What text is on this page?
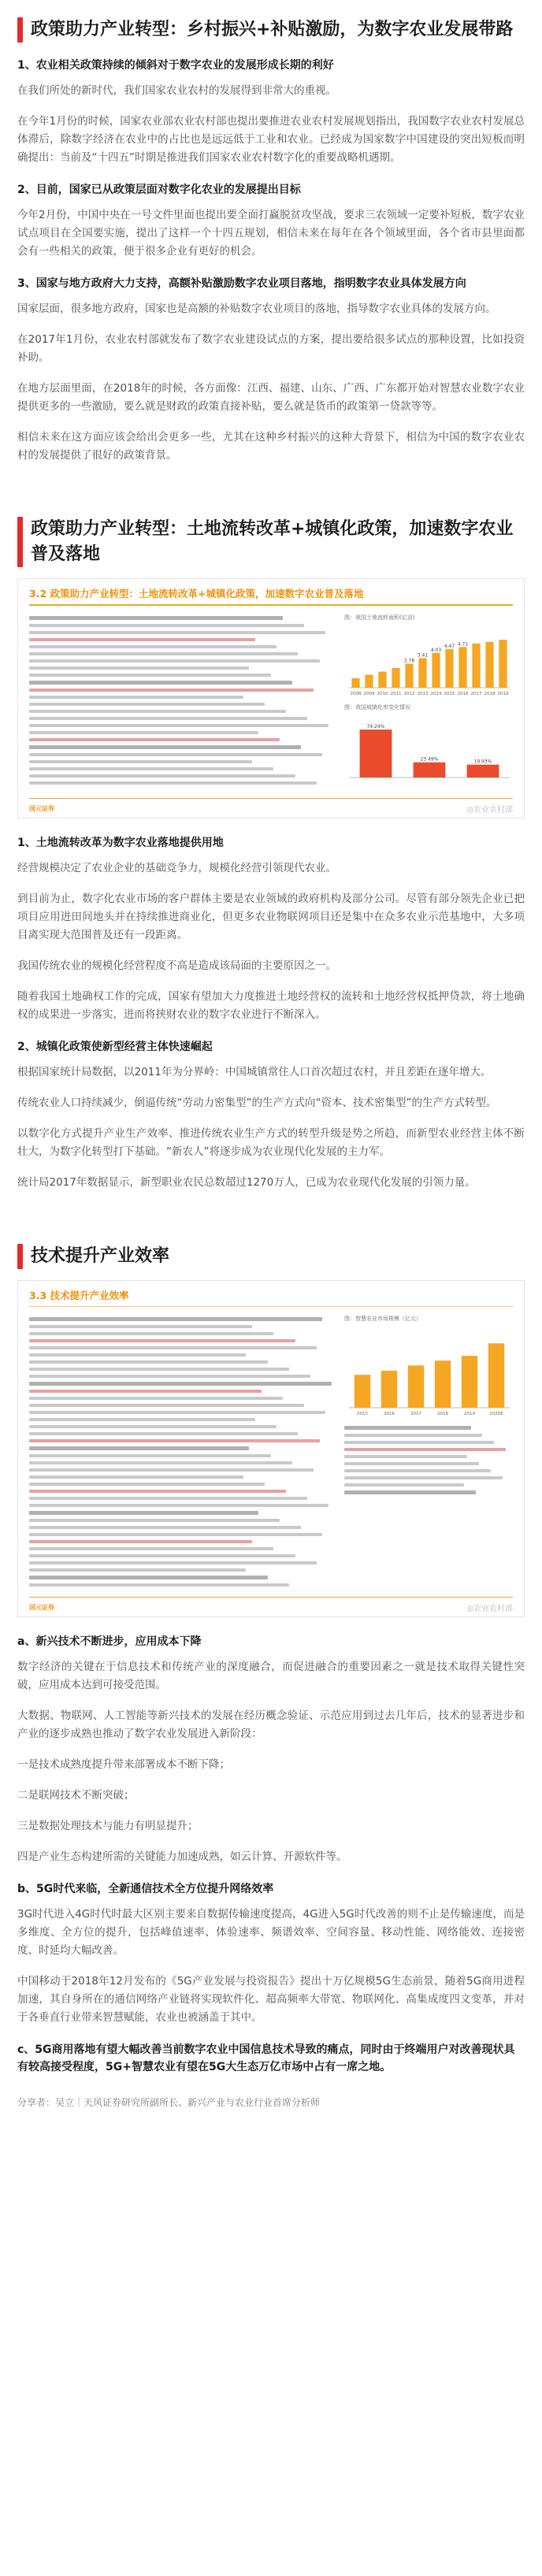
政策助力产业转型：乡村振兴+补贴激励，为数字农业发展带路
1、农业相关政策持续的倾斜对于数字农业的发展形成长期的利好

在我们所处的新时代，我们国家农业农村的发展得到非常大的重视。

在今年1月份的时候，国家农业部农业农村部也提出要推进农业农村发展规划指出，我国数字农业农村发展总体滞后，除数字经济在农业中的占比也是远远低于工业和农业。已经成为国家数字中国建设的突出短板而明确提出：当前及“十四五”时期是推进我们国家农业农村数字化的重要战略机遇期。

2、目前，国家已从政策层面对数字化农业的发展提出目标

今年2月份，中国中央在一号文件里面也提出要全面打赢脱贫攻坚战，要求三农领域一定要补短板，数字农业试点项目在全国要实施，提出了这样一个十四五规划，相信未来在每年在各个领域里面，各个省市县里面都会有一些相关的政策，便于很多企业有更好的机会。

3、国家与地方政府大力支持，高额补贴激励数字农业项目落地，指明数字农业具体发展方向

国家层面，很多地方政府，国家也是高额的补贴数字农业项目的落地，指导数字农业具体的发展方向。

在2017年1月份，农业农村部就发布了数字农业建设试点的方案，提出要给很多试点的那种设置，比如投资补助。

在地方层面里面，在2018年的时候，各方面像：江西、福建、山东、广西、广东都开始对智慧农业数字农业提供更多的一些激励，要么就是财政的政策直接补贴，要么就是货币的政策第一贷款等等。

相信未来在这方面应该会给出会更多一些，尤其在这种乡村振兴的这种大背景下，相信为中国的数字农业农村的发展提供了很好的政策背景。

政策助力产业转型：土地流转改革+城镇化政策，加速数字农业普及落地
3.2 政策助力产业转型：土地流转改革+城镇化政策，加速数字农业普及落地
图：我国土地流转面积(亿亩)
2008 2009 2010 2011
2.78
2012
3.41
2013
4.03
2014
4.47
2015
4.71
2016 2017 2018 2019
图：我国城镇化率变化情况
74.24%
23.49%	19.93%
国元证券	◎农业农村部
1、土地流转改革为数字农业落地提供用地

经营规模决定了农业企业的基础竞争力，规模化经营引领现代农业。

到目前为止，数字化农业市场的客户群体主要是农业领域的政府机构及部分公司。尽管有部分领先企业已把项目应用进田间地头并在持续推进商业化，但更多农业物联网项目还是集中在众多农业示范基地中，大多项目离实现大范围普及还有一段距离。

我国传统农业的规模化经营程度不高是造成该局面的主要原因之一。

随着我国土地确权工作的完成，国家有望加大力度推进土地经营权的流转和土地经营权抵押贷款，将土地确权的成果进一步落实，进而将挟财农业的数字农业进行不断深入。

2、城镇化政策使新型经营主体快速崛起

根据国家统计局数据，以2011年为分界岭：中国城镇常住人口首次超过农村，并且差距在逐年增大。

传统农业人口持续减少，倒逼传统“劳动力密集型”的生产方式向“资本、技术密集型”的生产方式转型。

以数字化方式提升产业生产效率、推进传统农业生产方式的转型升级是势之所趋，而新型农业经营主体不断壮大，为数字化转型打下基础。“新农人”将逐步成为农业现代化发展的主力军。

统计局2017年数据显示，新型职业农民总数超过1270万人，已成为农业现代化发展的引领力量。

技术提升产业效率
3.3 技术提升产业效率
图：智慧农业市场规模（亿元）
2015	2016	2017	2018	2019	2020E
国元证券	◎农业农村部
a、新兴技术不断进步，应用成本下降

数字经济的关键在于信息技术和传统产业的深度融合，而促进融合的重要因素之一就是技术取得关键性突破，应用成本达到可接受范围。

大数据、物联网、人工智能等新兴技术的发展在经历概念验证、示范应用到过去几年后，技术的显著进步和产业的逐步成熟也推动了数字农业发展进入新阶段：

一是技术成熟度提升带来部署成本不断下降；

二是联网技术不断突破；

三是数据处理技术与能力有明显提升；

四是产业生态构建所需的关键能力加速成熟，如云计算、开源软件等。

b、5G时代来临，全新通信技术全方位提升网络效率

3G时代进入4G时代时最大区别主要来自数据传输速度提高，4G进入5G时代改善的则不止是传输速度，而是多维度、全方位的提升，包括峰值速率、体验速率、频谱效率、空间容量、移动性能、网络能效、连接密度、时延均大幅改善。

中国移动于2018年12月发布的《5G产业发展与投资报告》提出十万亿规模5G生态前景，随着5G商用进程加速，其自身所在的通信网络产业链将实现软件化、超高频率大带宽、物联网化、高集成度四文变革，并对于各垂直行业带来智慧赋能，农业也被涵盖于其中。

c、5G商用落地有望大幅改善当前数字农业中国信息技术导致的痛点，同时由于终端用户对改善现状具有较高接受程度，5G+智慧农业有望在5G大生态万亿市场中占有一席之地。
分享者：吴立｜天风证券研究所副所长、新兴产业与农业行业首席分析师
